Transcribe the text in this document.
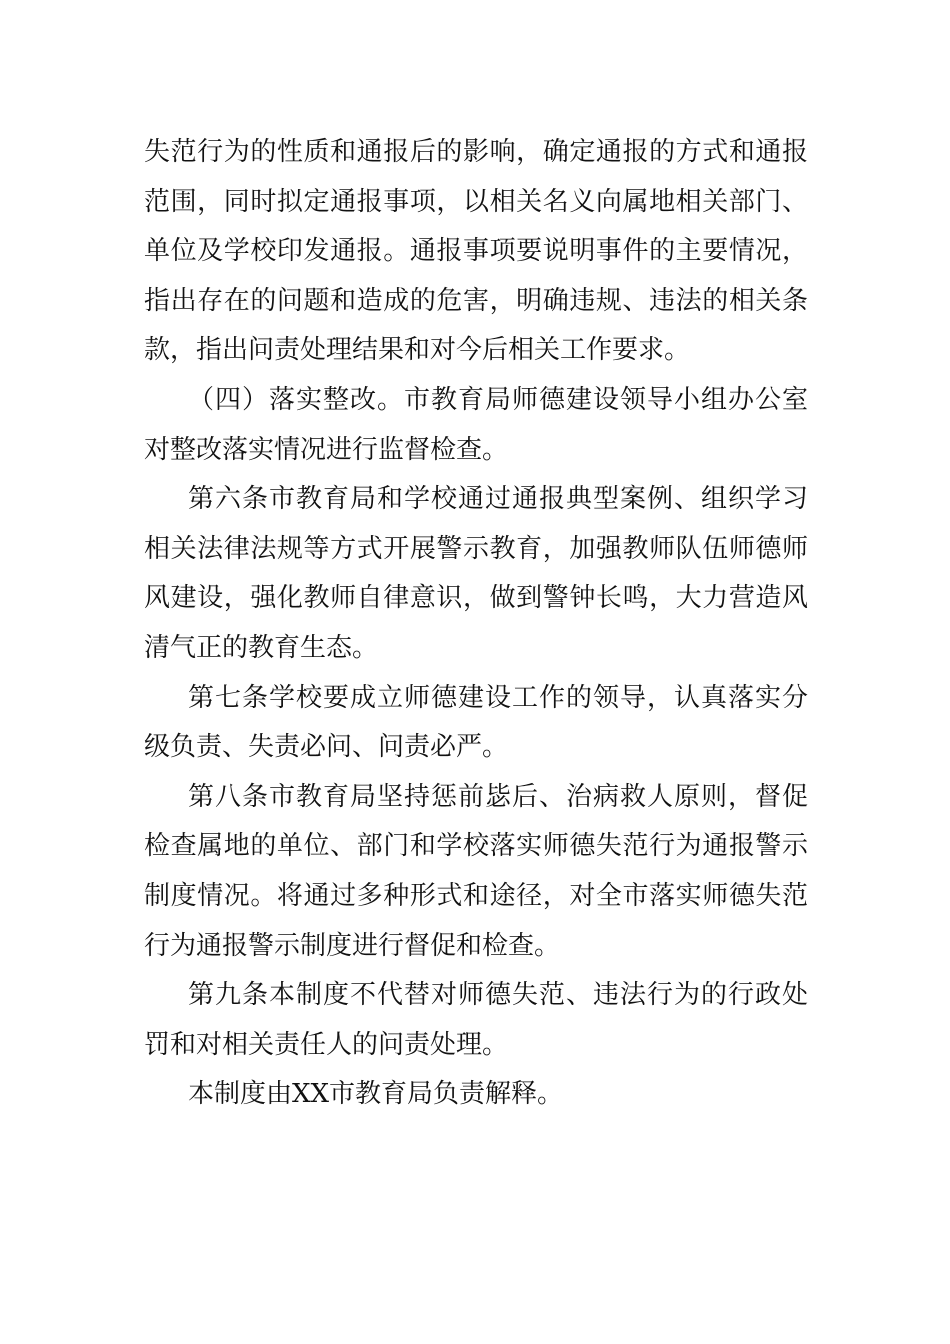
失范行为的性质和通报后的影响，确定通报的方式和通报范围，同时拟定通报事项，以相关名义向属地相关部门、单位及学校印发通报。通报事项要说明事件的主要情况，指出存在的问题和造成的危害，明确违规、违法的相关条款，指出问责处理结果和对今后相关工作要求。

（四）落实整改。市教育局师德建设领导小组办公室对整改落实情况进行监督检查。

第六条市教育局和学校通过通报典型案例、组织学习相关法律法规等方式开展警示教育，加强教师队伍师德师风建设，强化教师自律意识，做到警钟长鸣，大力营造风清气正的教育生态。

第七条学校要成立师德建设工作的领导，认真落实分级负责、失责必问、问责必严。

第八条市教育局坚持惩前毖后、治病救人原则，督促检查属地的单位、部门和学校落实师德失范行为通报警示制度情况。将通过多种形式和途径，对全市落实师德失范行为通报警示制度进行督促和检查。

第九条本制度不代替对师德失范、违法行为的行政处罚和对相关责任人的问责处理。

本制度由XX市教育局负责解释。
